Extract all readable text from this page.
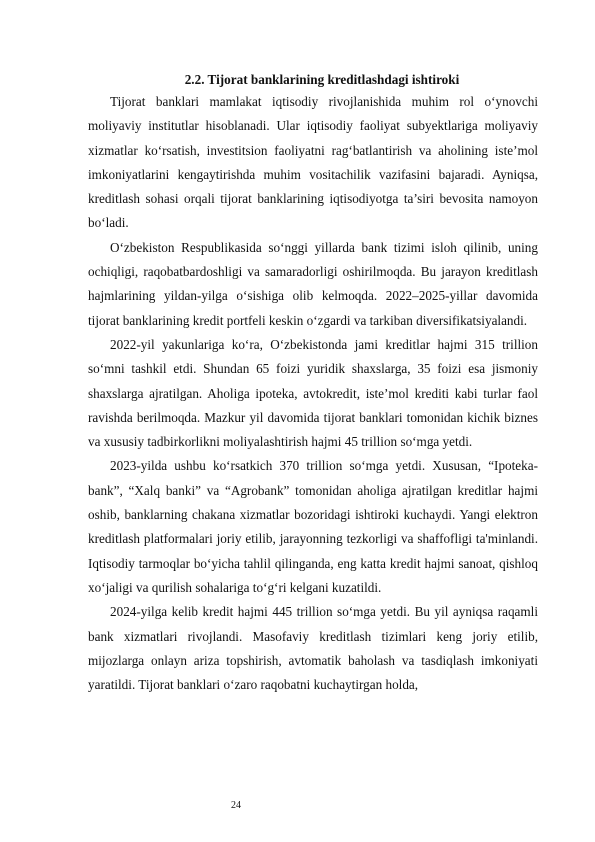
2.2. Tijorat banklarining kreditlashdagi ishtiroki

Tijorat banklari mamlakat iqtisodiy rivojlanishida muhim rol o‘ynovchi moliyaviy institutlar hisoblanadi. Ular iqtisodiy faoliyat subyektlariga moliyaviy xizmatlar ko‘rsatish, investitsion faoliyatni rag‘batlantirish va aholining iste’mol imkoniyatlarini kengaytirishda muhim vositachilik vazifasini bajaradi. Ayniqsa, kreditlash sohasi orqali tijorat banklarining iqtisodiyotga ta’siri bevosita namoyon bo‘ladi.

O‘zbekiston Respublikasida so‘nggi yillarda bank tizimi isloh qilinib, uning ochiqligi, raqobatbardoshligi va samaradorligi oshirilmoqda. Bu jarayon kreditlash hajmlarining yildan-yilga o‘sishiga olib kelmoqda. 2022–2025-yillar davomida tijorat banklarining kredit portfeli keskin o‘zgardi va tarkiban diversifikatsiyalandi.

2022-yil yakunlariga ko‘ra, O‘zbekistonda jami kreditlar hajmi 315 trillion so‘mni tashkil etdi. Shundan 65 foizi yuridik shaxslarga, 35 foizi esa jismoniy shaxslarga ajratilgan. Aholiga ipoteka, avtokredit, iste’mol krediti kabi turlar faol ravishda berilmoqda. Mazkur yil davomida tijorat banklari tomonidan kichik biznes va xususiy tadbirkorlikni moliyalashtirish hajmi 45 trillion so‘mga yetdi.

2023-yilda ushbu ko‘rsatkich 370 trillion so‘mga yetdi. Xususan, “Ipoteka-bank”, “Xalq banki” va “Agrobank” tomonidan aholiga ajratilgan kreditlar hajmi oshib, banklarning chakana xizmatlar bozoridagi ishtiroki kuchaydi. Yangi elektron kreditlash platformalari joriy etilib, jarayonning tezkorligi va shaffofligi ta'minlandi. Iqtisodiy tarmoqlar bo‘yicha tahlil qilinganda, eng katta kredit hajmi sanoat, qishloq xo‘jaligi va qurilish sohalariga to‘g‘ri kelgani kuzatildi.

2024-yilga kelib kredit hajmi 445 trillion so‘mga yetdi. Bu yil ayniqsa raqamli bank xizmatlari rivojlandi. Masofaviy kreditlash tizimlari keng joriy etilib, mijozlarga onlayn ariza topshirish, avtomatik baholash va tasdiqlash imkoniyati yaratildi. Tijorat banklari o‘zaro raqobatni kuchaytirgan holda,

24
